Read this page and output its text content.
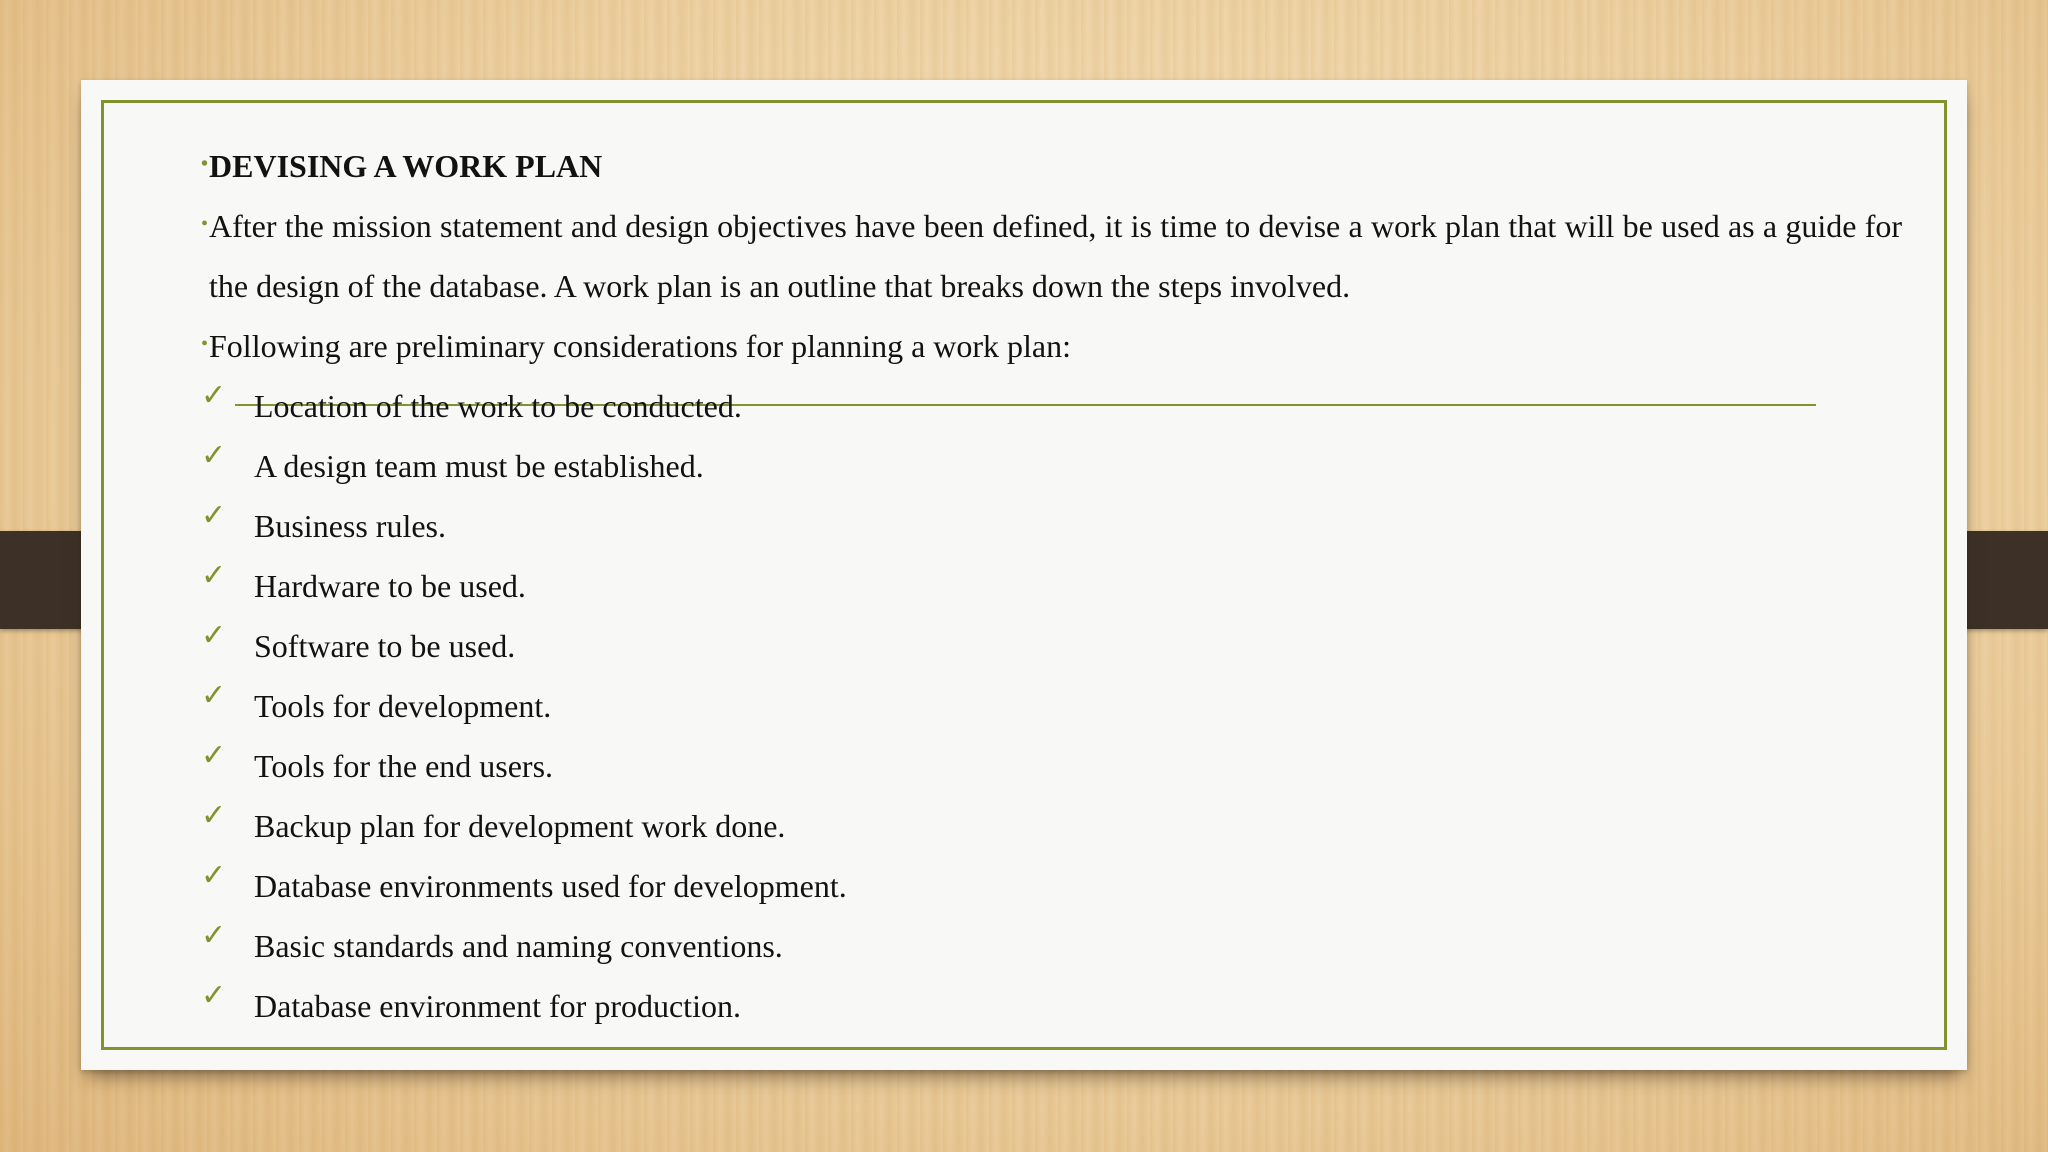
• DEVISING A WORK PLAN
• After the mission statement and design objectives have been defined, it is time to devise a work plan that will be used as a guide for the design of the database. A work plan is an outline that breaks down the steps involved.
• Following are preliminary considerations for planning a work plan:
✓ Location of the work to be conducted.
✓ A design team must be established.
✓ Business rules.
✓ Hardware to be used.
✓ Software to be used.
✓ Tools for development.
✓ Tools for the end users.
✓ Backup plan for development work done.
✓ Database environments used for development.
✓ Basic standards and naming conventions.
✓ Database environment for production.
